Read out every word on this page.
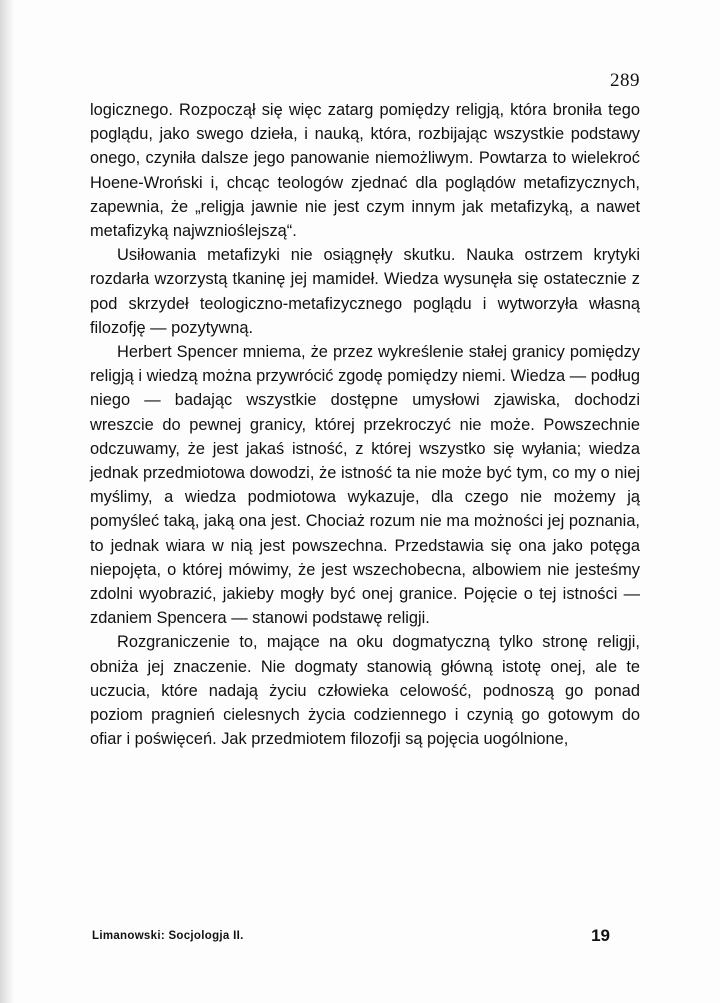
289

logicznego. Rozpoczął się więc zatarg pomiędzy religją, która broniła tego poglądu, jako swego dzieła, i nauką, która, rozbijając wszystkie podstawy onego, czyniła dalsze jego panowanie niemożliwym. Powtarza to wielekroć Hoene-Wroński i, chcąc teologów zjednać dla poglądów metafizycznych, zapewnia, że „religja jawnie nie jest czym innym jak metafizyką, a nawet metafizyką najwznioślejszą“.

Usiłowania metafizyki nie osiągnęły skutku. Nauka ostrzem krytyki rozdarła wzorzystą tkaninę jej mamideł. Wiedza wysunęła się ostatecznie z pod skrzydeł teologiczno-metafizycznego poglądu i wytworzyła własną filozofję — pozytywną.

Herbert Spencer mniema, że przez wykreślenie stałej granicy pomiędzy religją i wiedzą można przywrócić zgodę pomiędzy niemi. Wiedza — podług niego — badając wszystkie dostępne umysłowi zjawiska, dochodzi wreszcie do pewnej granicy, której przekroczyć nie może. Powszechnie odczuwamy, że jest jakaś istność, z której wszystko się wyłania; wiedza jednak przedmiotowa dowodzi, że istność ta nie może być tym, co my o niej myślimy, a wiedza podmiotowa wykazuje, dla czego nie możemy ją pomyśleć taką, jaką ona jest. Chociaż rozum nie ma możności jej poznania, to jednak wiara w nią jest powszechna. Przedstawia się ona jako potęga niepojęta, o której mówimy, że jest wszechobecna, albowiem nie jesteśmy zdolni wyobrazić, jakieby mogły być onej granice. Pojęcie o tej istności — zdaniem Spencera — stanowi podstawę religji.

Rozgraniczenie to, mające na oku dogmatyczną tylko stronę religji, obniża jej znaczenie. Nie dogmaty stanowią główną istotę onej, ale te uczucia, które nadają życiu człowieka celowość, podnoszą go ponad poziom pragnień cielesnych życia codziennego i czynią go gotowym do ofiar i poświęceń. Jak przedmiotem filozofji są pojęcia uogólnione,

Limanowski: Socjologja II.	19
